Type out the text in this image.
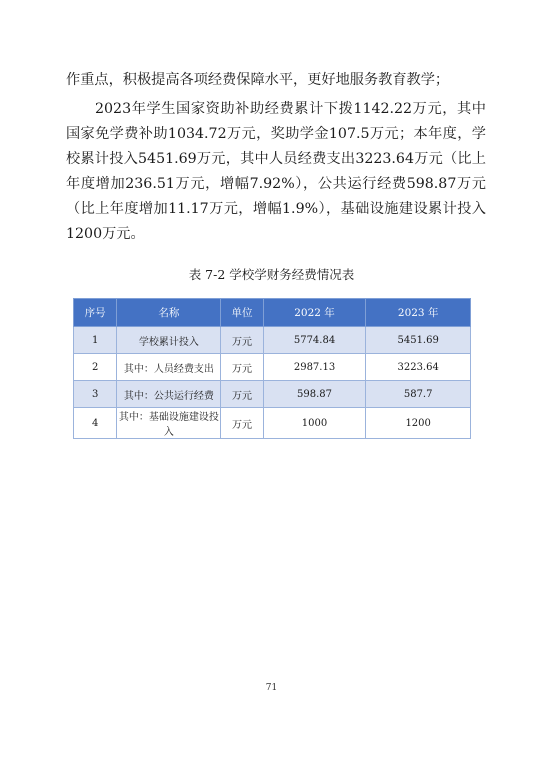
作重点，积极提高各项经费保障水平，更好地服务教育教学；

2023年学生国家资助补助经费累计下拨1142.22万元，其中国家免学费补助1034.72万元，奖助学金107.5万元；本年度，学校累计投入5451.69万元，其中人员经费支出3223.64万元（比上年度增加236.51万元，增幅7.92%），公共运行经费598.87万元（比上年度增加11.17万元，增幅1.9%），基础设施建设累计投入1200万元。

表 7-2 学校学财务经费情况表
序号	名称	单位	2022 年	2023 年
1	学校累计投入	万元	5774.84	5451.69
2	其中：人员经费支出	万元	2987.13	3223.64
3	其中：公共运行经费	万元	598.87	587.7
4	其中：基础设施建设投入	万元	1000	1200
71
